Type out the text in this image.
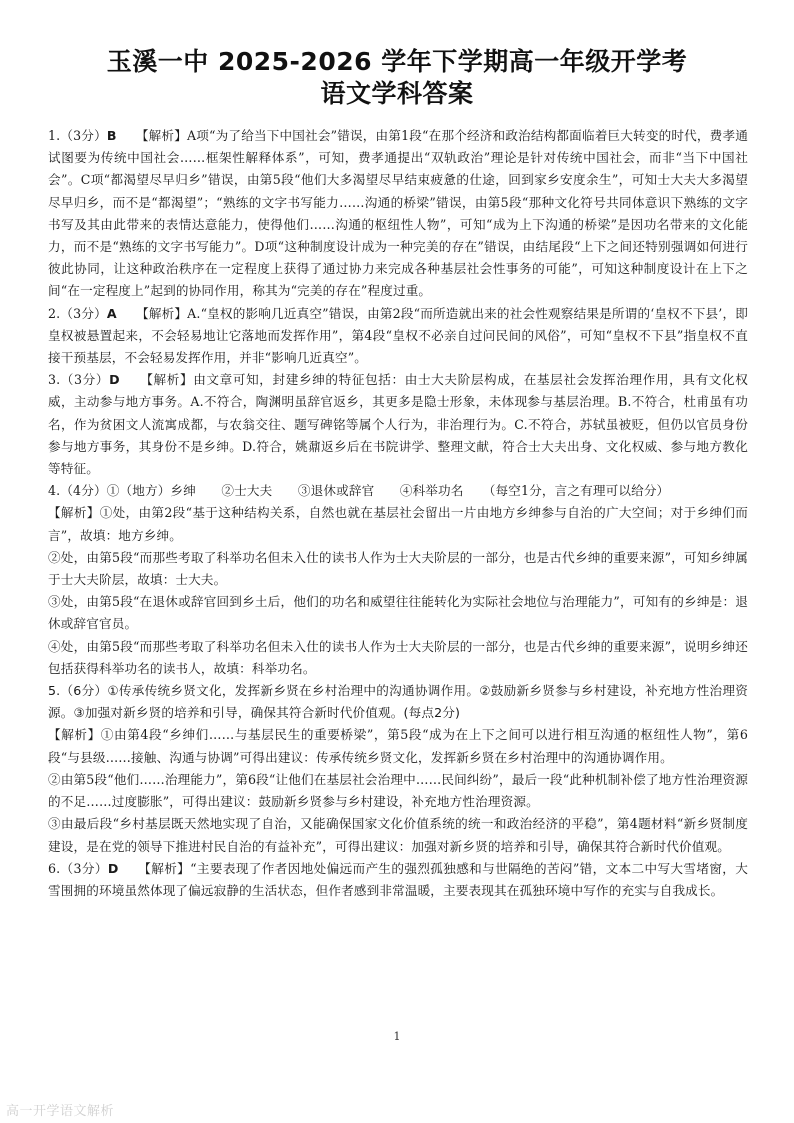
玉溪一中 2025-2026 学年下学期高一年级开学考
语文学科答案

1.（3分）B　　【解析】A项“为了给当下中国社会”错误，由第1段“在那个经济和政治结构都面临着巨大转变的时代，费孝通试图要为传统中国社会……框架性解释体系”，可知，费孝通提出“双轨政治”理论是针对传统中国社会，而非“当下中国社会”。C项“都渴望尽早归乡”错误，由第5段“他们大多渴望尽早结束疲惫的仕途，回到家乡安度余生”，可知士大夫大多渴望尽早归乡，而不是“都渴望”；“熟练的文字书写能力……沟通的桥梁”错误，由第5段“那种文化符号共同体意识下熟练的文字书写及其由此带来的表情达意能力，使得他们……沟通的枢纽性人物”，可知“成为上下沟通的桥梁”是因功名带来的文化能力，而不是“熟练的文字书写能力”。D项“这种制度设计成为一种完美的存在”错误，由结尾段“上下之间还特别强调如何进行彼此协同，让这种政治秩序在一定程度上获得了通过协力来完成各种基层社会性事务的可能”，可知这种制度设计在上下之间“在一定程度上”起到的协同作用，称其为“完美的存在”程度过重。

2.（3分）A　　【解析】A.“皇权的影响几近真空”错误，由第2段“而所造就出来的社会性观察结果是所谓的‘皇权不下县’，即皇权被悬置起来，不会轻易地让它落地而发挥作用”，第4段“皇权不必亲自过问民间的风俗”，可知“皇权不下县”指皇权不直接干预基层，不会轻易发挥作用，并非“影响几近真空”。

3.（3分）D　　【解析】由文章可知，封建乡绅的特征包括：由士大夫阶层构成，在基层社会发挥治理作用，具有文化权威，主动参与地方事务。A.不符合，陶渊明虽辞官返乡，其更多是隐士形象，未体现参与基层治理。B.不符合，杜甫虽有功名，作为贫困文人流寓成都，与农翁交往、题写碑铭等属个人行为，非治理行为。C.不符合，苏轼虽被贬，但仍以官员身份参与地方事务，其身份不是乡绅。D.符合，姚鼐返乡后在书院讲学、整理文献，符合士大夫出身、文化权威、参与地方教化等特征。

4.（4分）①（地方）乡绅　　②士大夫　　③退休或辞官　　④科举功名　　（每空1分，言之有理可以给分）

【解析】①处，由第2段“基于这种结构关系，自然也就在基层社会留出一片由地方乡绅参与自治的广大空间；对于乡绅们而言”，故填：地方乡绅。

②处，由第5段“而那些考取了科举功名但未入仕的读书人作为士大夫阶层的一部分，也是古代乡绅的重要来源”，可知乡绅属于士大夫阶层，故填：士大夫。

③处，由第5段“在退休或辞官回到乡土后，他们的功名和威望往往能转化为实际社会地位与治理能力”，可知有的乡绅是：退休或辞官官员。

④处，由第5段“而那些考取了科举功名但未入仕的读书人作为士大夫阶层的一部分，也是古代乡绅的重要来源”，说明乡绅还包括获得科举功名的读书人，故填：科举功名。

5.（6分）①传承传统乡贤文化，发挥新乡贤在乡村治理中的沟通协调作用。②鼓励新乡贤参与乡村建设，补充地方性治理资源。③加强对新乡贤的培养和引导，确保其符合新时代价值观。(每点2分)

【解析】①由第4段“乡绅们……与基层民生的重要桥梁”，第5段“成为在上下之间可以进行相互沟通的枢纽性人物”，第6段“与县级……接触、沟通与协调”可得出建议：传承传统乡贤文化，发挥新乡贤在乡村治理中的沟通协调作用。

②由第5段“他们……治理能力”，第6段“让他们在基层社会治理中……民间纠纷”，最后一段“此种机制补偿了地方性治理资源的不足……过度膨胀”，可得出建议：鼓励新乡贤参与乡村建设，补充地方性治理资源。

③由最后段“乡村基层既天然地实现了自治，又能确保国家文化价值系统的统一和政治经济的平稳”，第4题材料“新乡贤制度建设，是在党的领导下推进村民自治的有益补充”，可得出建议：加强对新乡贤的培养和引导，确保其符合新时代价值观。

6.（3分）D　　【解析】“主要表现了作者因地处偏远而产生的强烈孤独感和与世隔绝的苦闷”错，文本二中写大雪堵窗，大雪围拥的环境虽然体现了偏远寂静的生活状态，但作者感到非常温暖，主要表现其在孤独环境中写作的充实与自我成长。

1
高一开学语文解析
